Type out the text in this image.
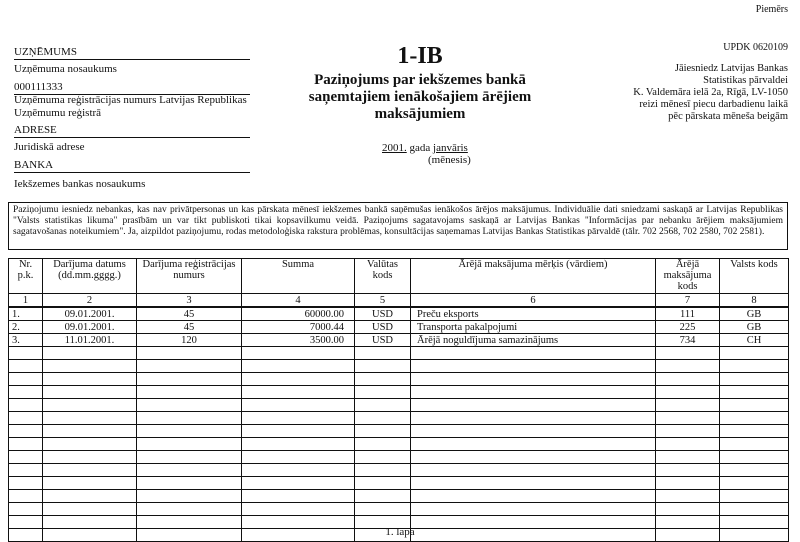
Piemērs
UPDK 0620109
UZŅĒMUMS
Uzņēmuma nosaukums
000111333
Uzņēmuma reģistrācijas numurs Latvijas Republikas Uzņēmumu reģistrā
ADRESE
Juridiskā adrese
BANKA
Iekšzemes bankas nosaukums
1-IB
Paziņojums par iekšzemes bankā
saņemtajiem ienākošajiem ārējiem
maksājumiem
2001. gada janvāris
(mēnesis)
Jāiesniedz Latvijas Bankas
Statistikas pārvaldei
K. Valdemāra ielā 2a, Rīgā, LV-1050
reizi mēnesī piecu darbadienu laikā
pēc pārskata mēneša beigām
Paziņojumu iesniedz nebankas, kas nav privātpersonas un kas pārskata mēnesī iekšzemes bankā saņēmušas ienākošos ārējos maksājumus. Individuālie dati sniedzami saskaņā ar Latvijas Republikas "Valsts statistikas likuma" prasībām un var tikt publiskoti tikai kopsavilkumu veidā. Paziņojums sagatavojams saskaņā ar Latvijas Bankas "Informācijas par nebanku ārējiem maksājumiem sagatavošanas noteikumiem". Ja, aizpildot paziņojumu, rodas metodoloģiska rakstura problēmas, konsultācijas saņemamas Latvijas Bankas Statistikas pārvaldē (tālr. 702 2568, 702 2580, 702 2581).
Nr. p.k.	Darījuma datums (dd.mm.gggg.)	Darījuma reģistrācijas numurs	Summa	Valūtas kods	Ārējā maksājuma mērķis (vārdiem)	Ārējā maksājuma kods	Valsts kods
1	2	3	4	5	6	7	8
1.	09.01.2001.	45	60000.00	USD	Preču eksports	111	GB
2.	09.01.2001.	45	7000.44	USD	Transporta pakalpojumi	225	GB
3.	11.01.2001.	120	3500.00	USD	Ārējā noguldījuma samazinājums	734	CH

1. lapa
